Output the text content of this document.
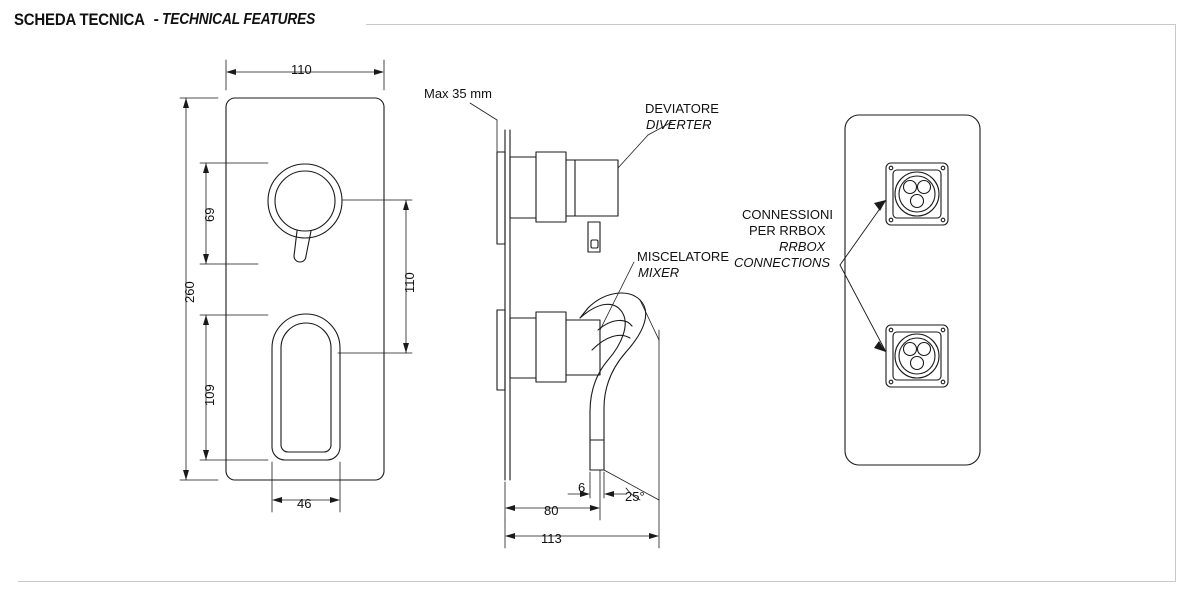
SCHEDA TECNICA - TECHNICAL FEATURES
110
260
69
109
110
46
Max 35 mm
DEVIATORE
DIVERTER
MISCELATORE
MIXER
CONNESSIONI
PER RRBOX
RRBOX
CONNECTIONS
80
6
113
25°
